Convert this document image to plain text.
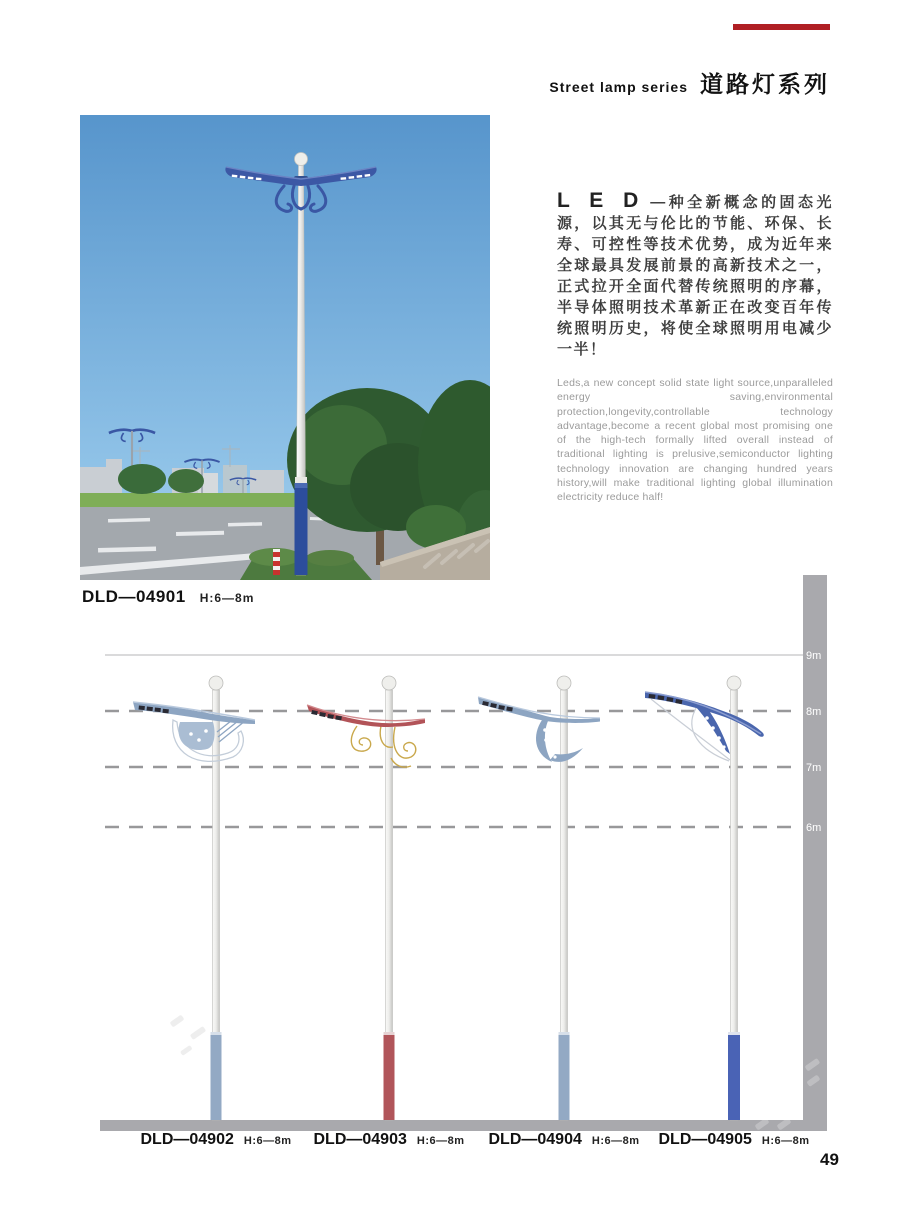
Street lamp series 道路灯系列
DLD—04901 H:6—8m

L E D —种全新概念的固态光源，以其无与伦比的节能、环保、长寿、可控性等技术优势，成为近年来全球最具发展前景的高新技术之一，正式拉开全面代替传统照明的序幕，半导体照明技术革新正在改变百年传统照明历史，将使全球照明用电减少一半！

Leds,a new concept solid state light source,unparalleled energy saving,environmental protection,longevity,controllable technology advantage,become a recent global most promising one of the high-tech formally lifted overall instead of traditional lighting is prelusive,semiconductor lighting technology innovation are changing hundred years history,will make traditional lighting global illumination electricity reduce half!

9m
8m
7m
6m
DLD—04902 H:6—8m DLD—04903 H:6—8m DLD—04904 H:6—8m DLD—04905 H:6—8m
49
